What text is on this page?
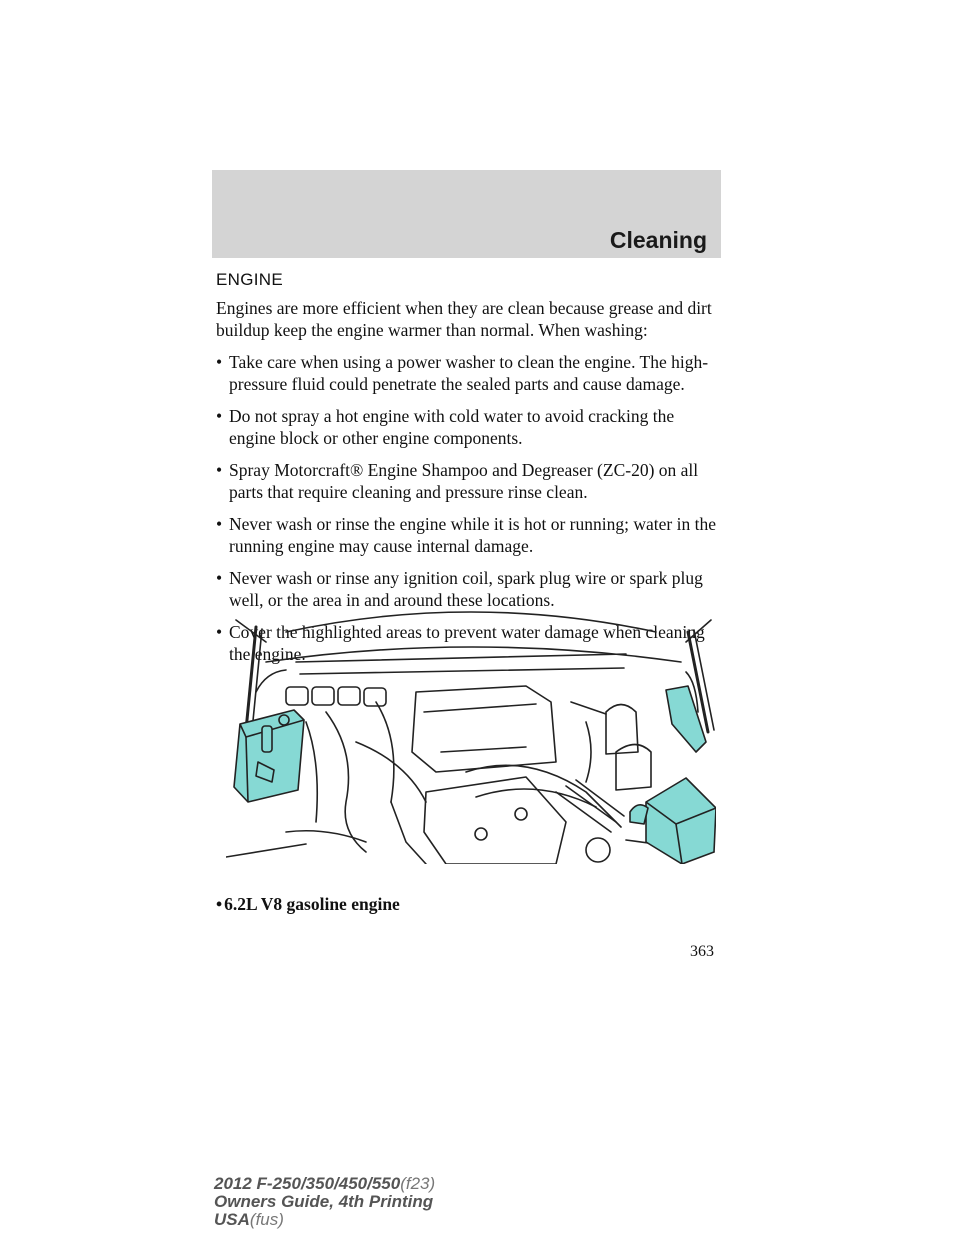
Cleaning
ENGINE

Engines are more efficient when they are clean because grease and dirt buildup keep the engine warmer than normal. When washing:

• Take care when using a power washer to clean the engine. The high-pressure fluid could penetrate the sealed parts and cause damage.
• Do not spray a hot engine with cold water to avoid cracking the engine block or other engine components.
• Spray Motorcraft® Engine Shampoo and Degreaser (ZC-20) on all parts that require cleaning and pressure rinse clean.
• Never wash or rinse the engine while it is hot or running; water in the running engine may cause internal damage.
• Never wash or rinse any ignition coil, spark plug wire or spark plug well, or the area in and around these locations.
• Cover the highlighted areas to prevent water damage when cleaning the engine.
• 6.2L V8 gasoline engine
363
2012 F-250/350/450/550(f23)
Owners Guide, 4th Printing
USA(fus)
